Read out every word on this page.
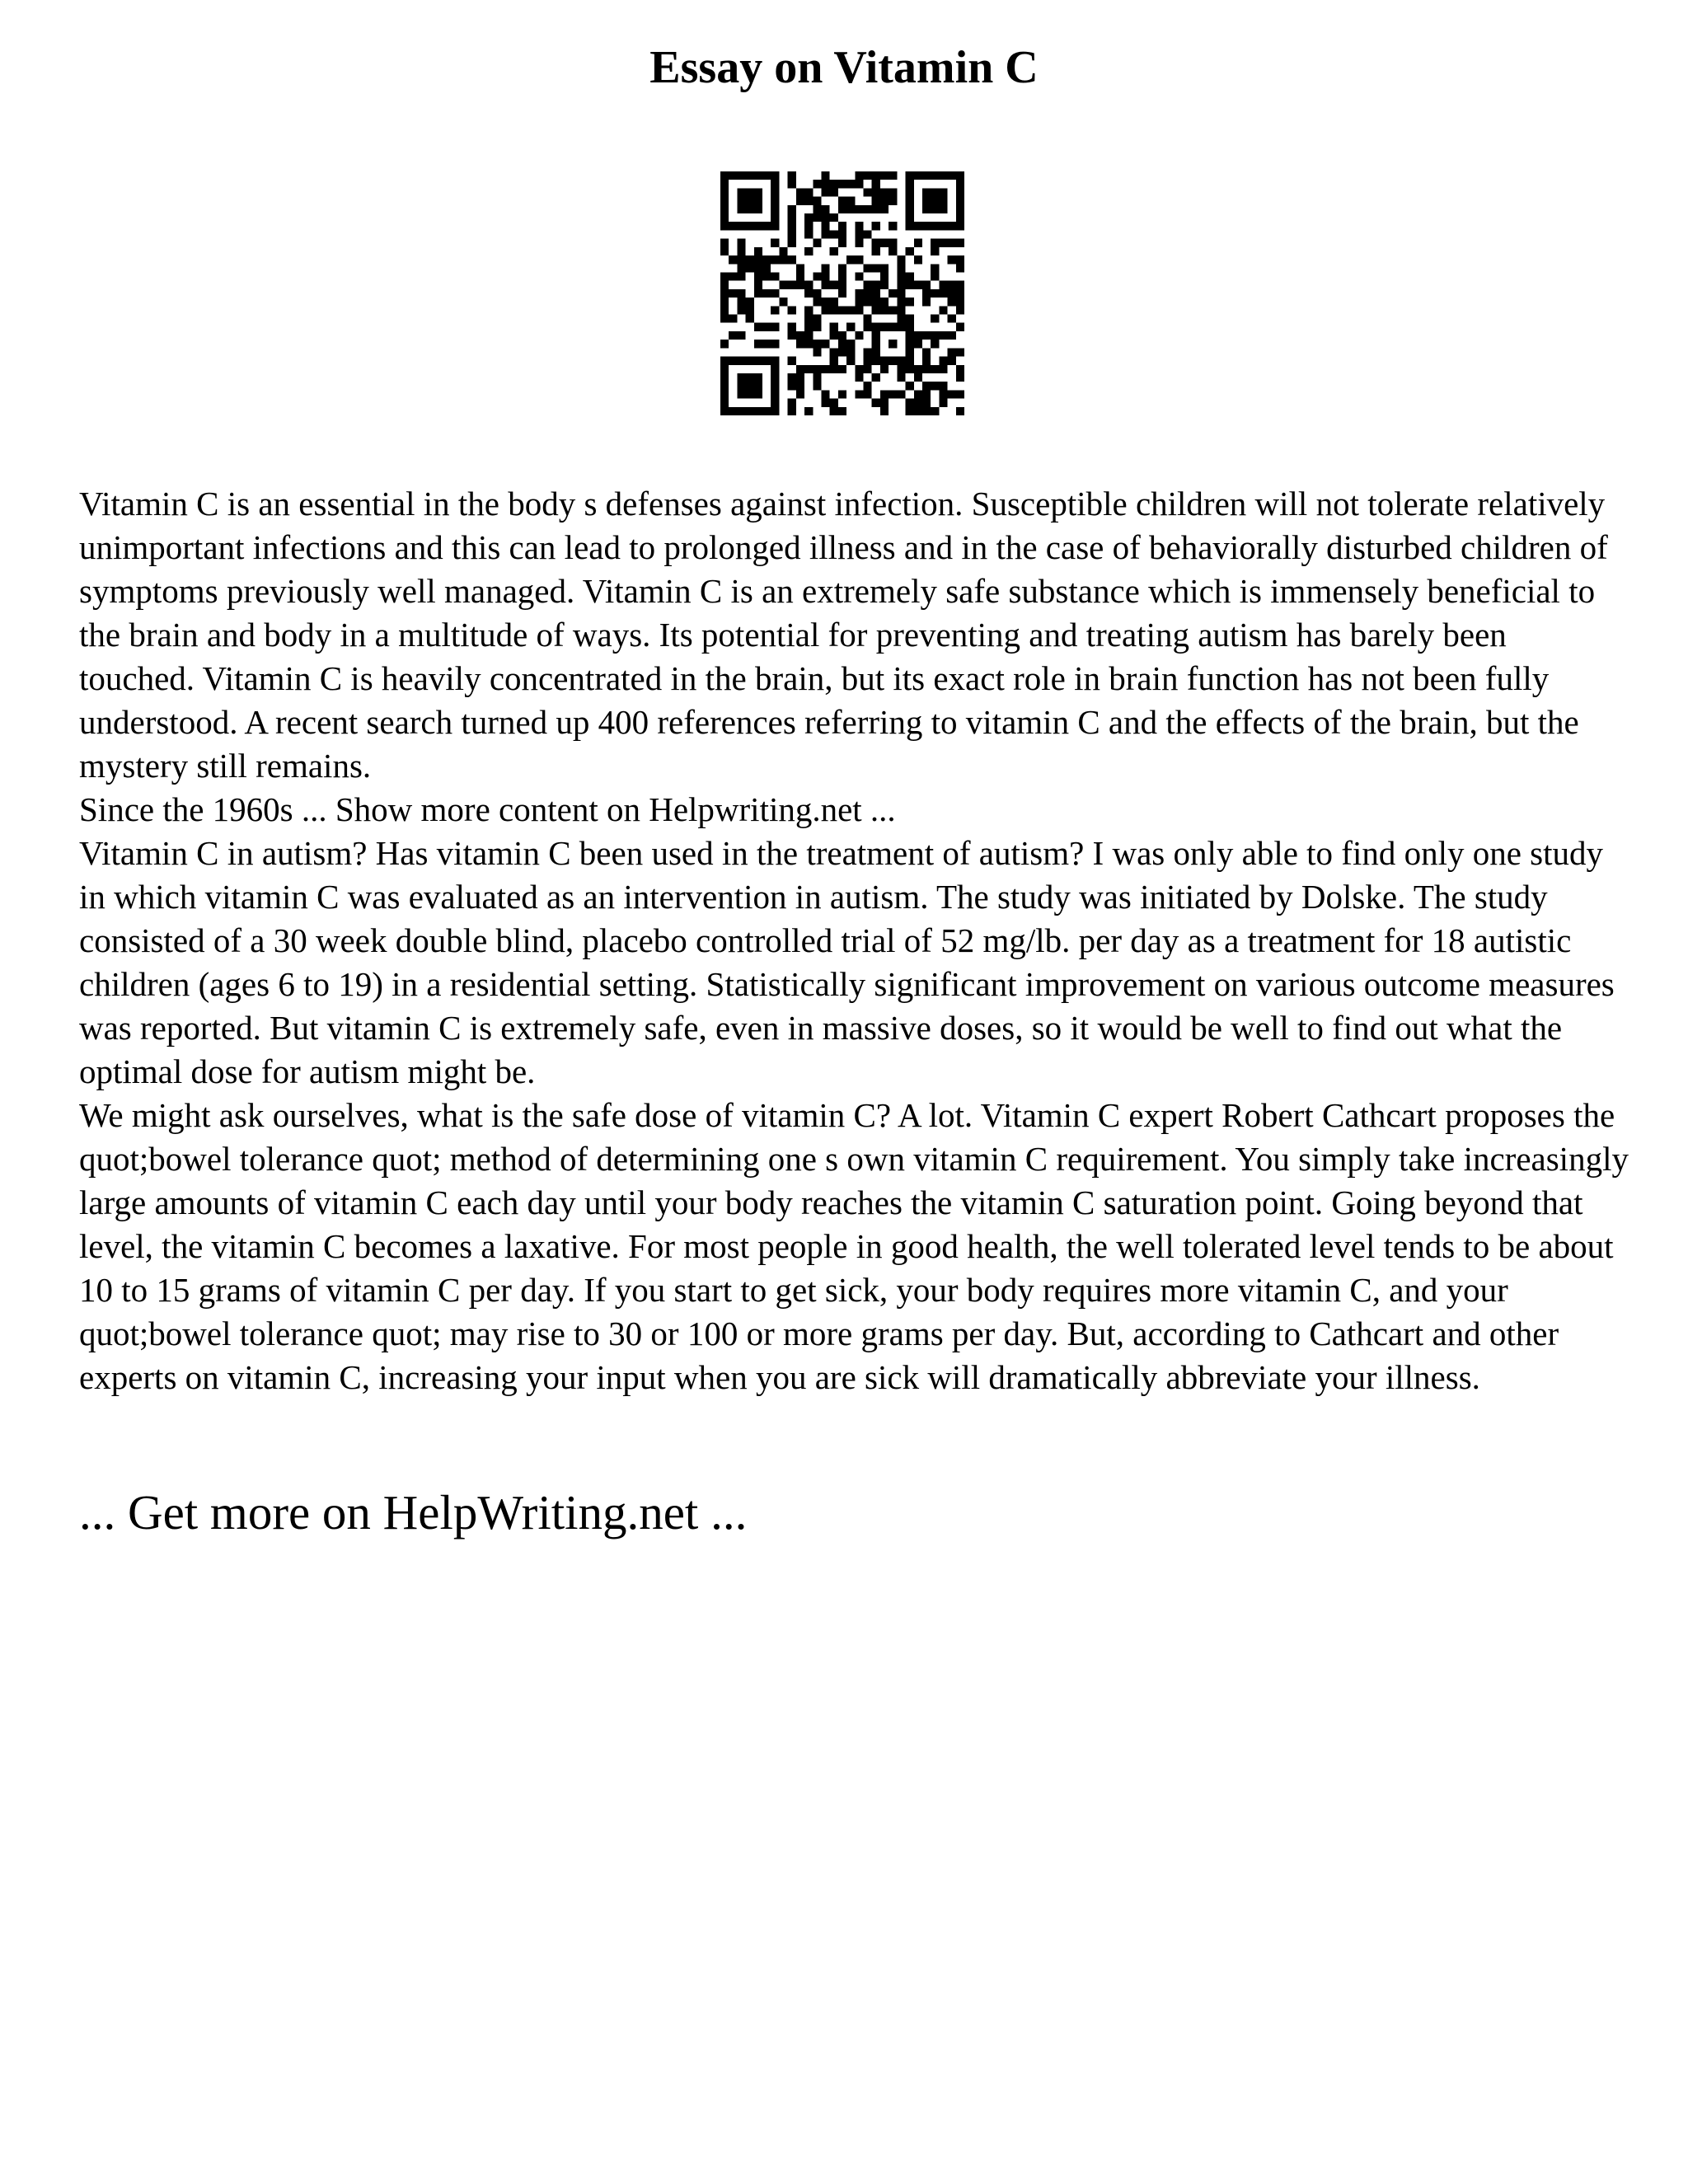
Essay on Vitamin C

Vitamin C is an essential in the body s defenses against infection. Susceptible children will not tolerate relatively unimportant infections and this can lead to prolonged illness and in the case of behaviorally disturbed children of symptoms previously well managed. Vitamin C is an extremely safe substance which is immensely beneficial to the brain and body in a multitude of ways. Its potential for preventing and treating autism has barely been touched. Vitamin C is heavily concentrated in the brain, but its exact role in brain function has not been fully understood. A recent search turned up 400 references referring to vitamin C and the effects of the brain, but the mystery still remains.

Since the 1960s ... Show more content on Helpwriting.net ...

Vitamin C in autism? Has vitamin C been used in the treatment of autism? I was only able to find only one study in which vitamin C was evaluated as an intervention in autism. The study was initiated by Dolske. The study consisted of a 30 week double blind, placebo controlled trial of 52 mg/lb. per day as a treatment for 18 autistic children (ages 6 to 19) in a residential setting. Statistically significant improvement on various outcome measures was reported. But vitamin C is extremely safe, even in massive doses, so it would be well to find out what the optimal dose for autism might be.

We might ask ourselves, what is the safe dose of vitamin C? A lot. Vitamin C expert Robert Cathcart proposes the quot;bowel tolerance quot; method of determining one s own vitamin C requirement. You simply take increasingly large amounts of vitamin C each day until your body reaches the vitamin C saturation point. Going beyond that level, the vitamin C becomes a laxative. For most people in good health, the well tolerated level tends to be about 10 to 15 grams of vitamin C per day. If you start to get sick, your body requires more vitamin C, and your quot;bowel tolerance quot; may rise to 30 or 100 or more grams per day. But, according to Cathcart and other experts on vitamin C, increasing your input when you are sick will dramatically abbreviate your illness.

... Get more on HelpWriting.net ...
